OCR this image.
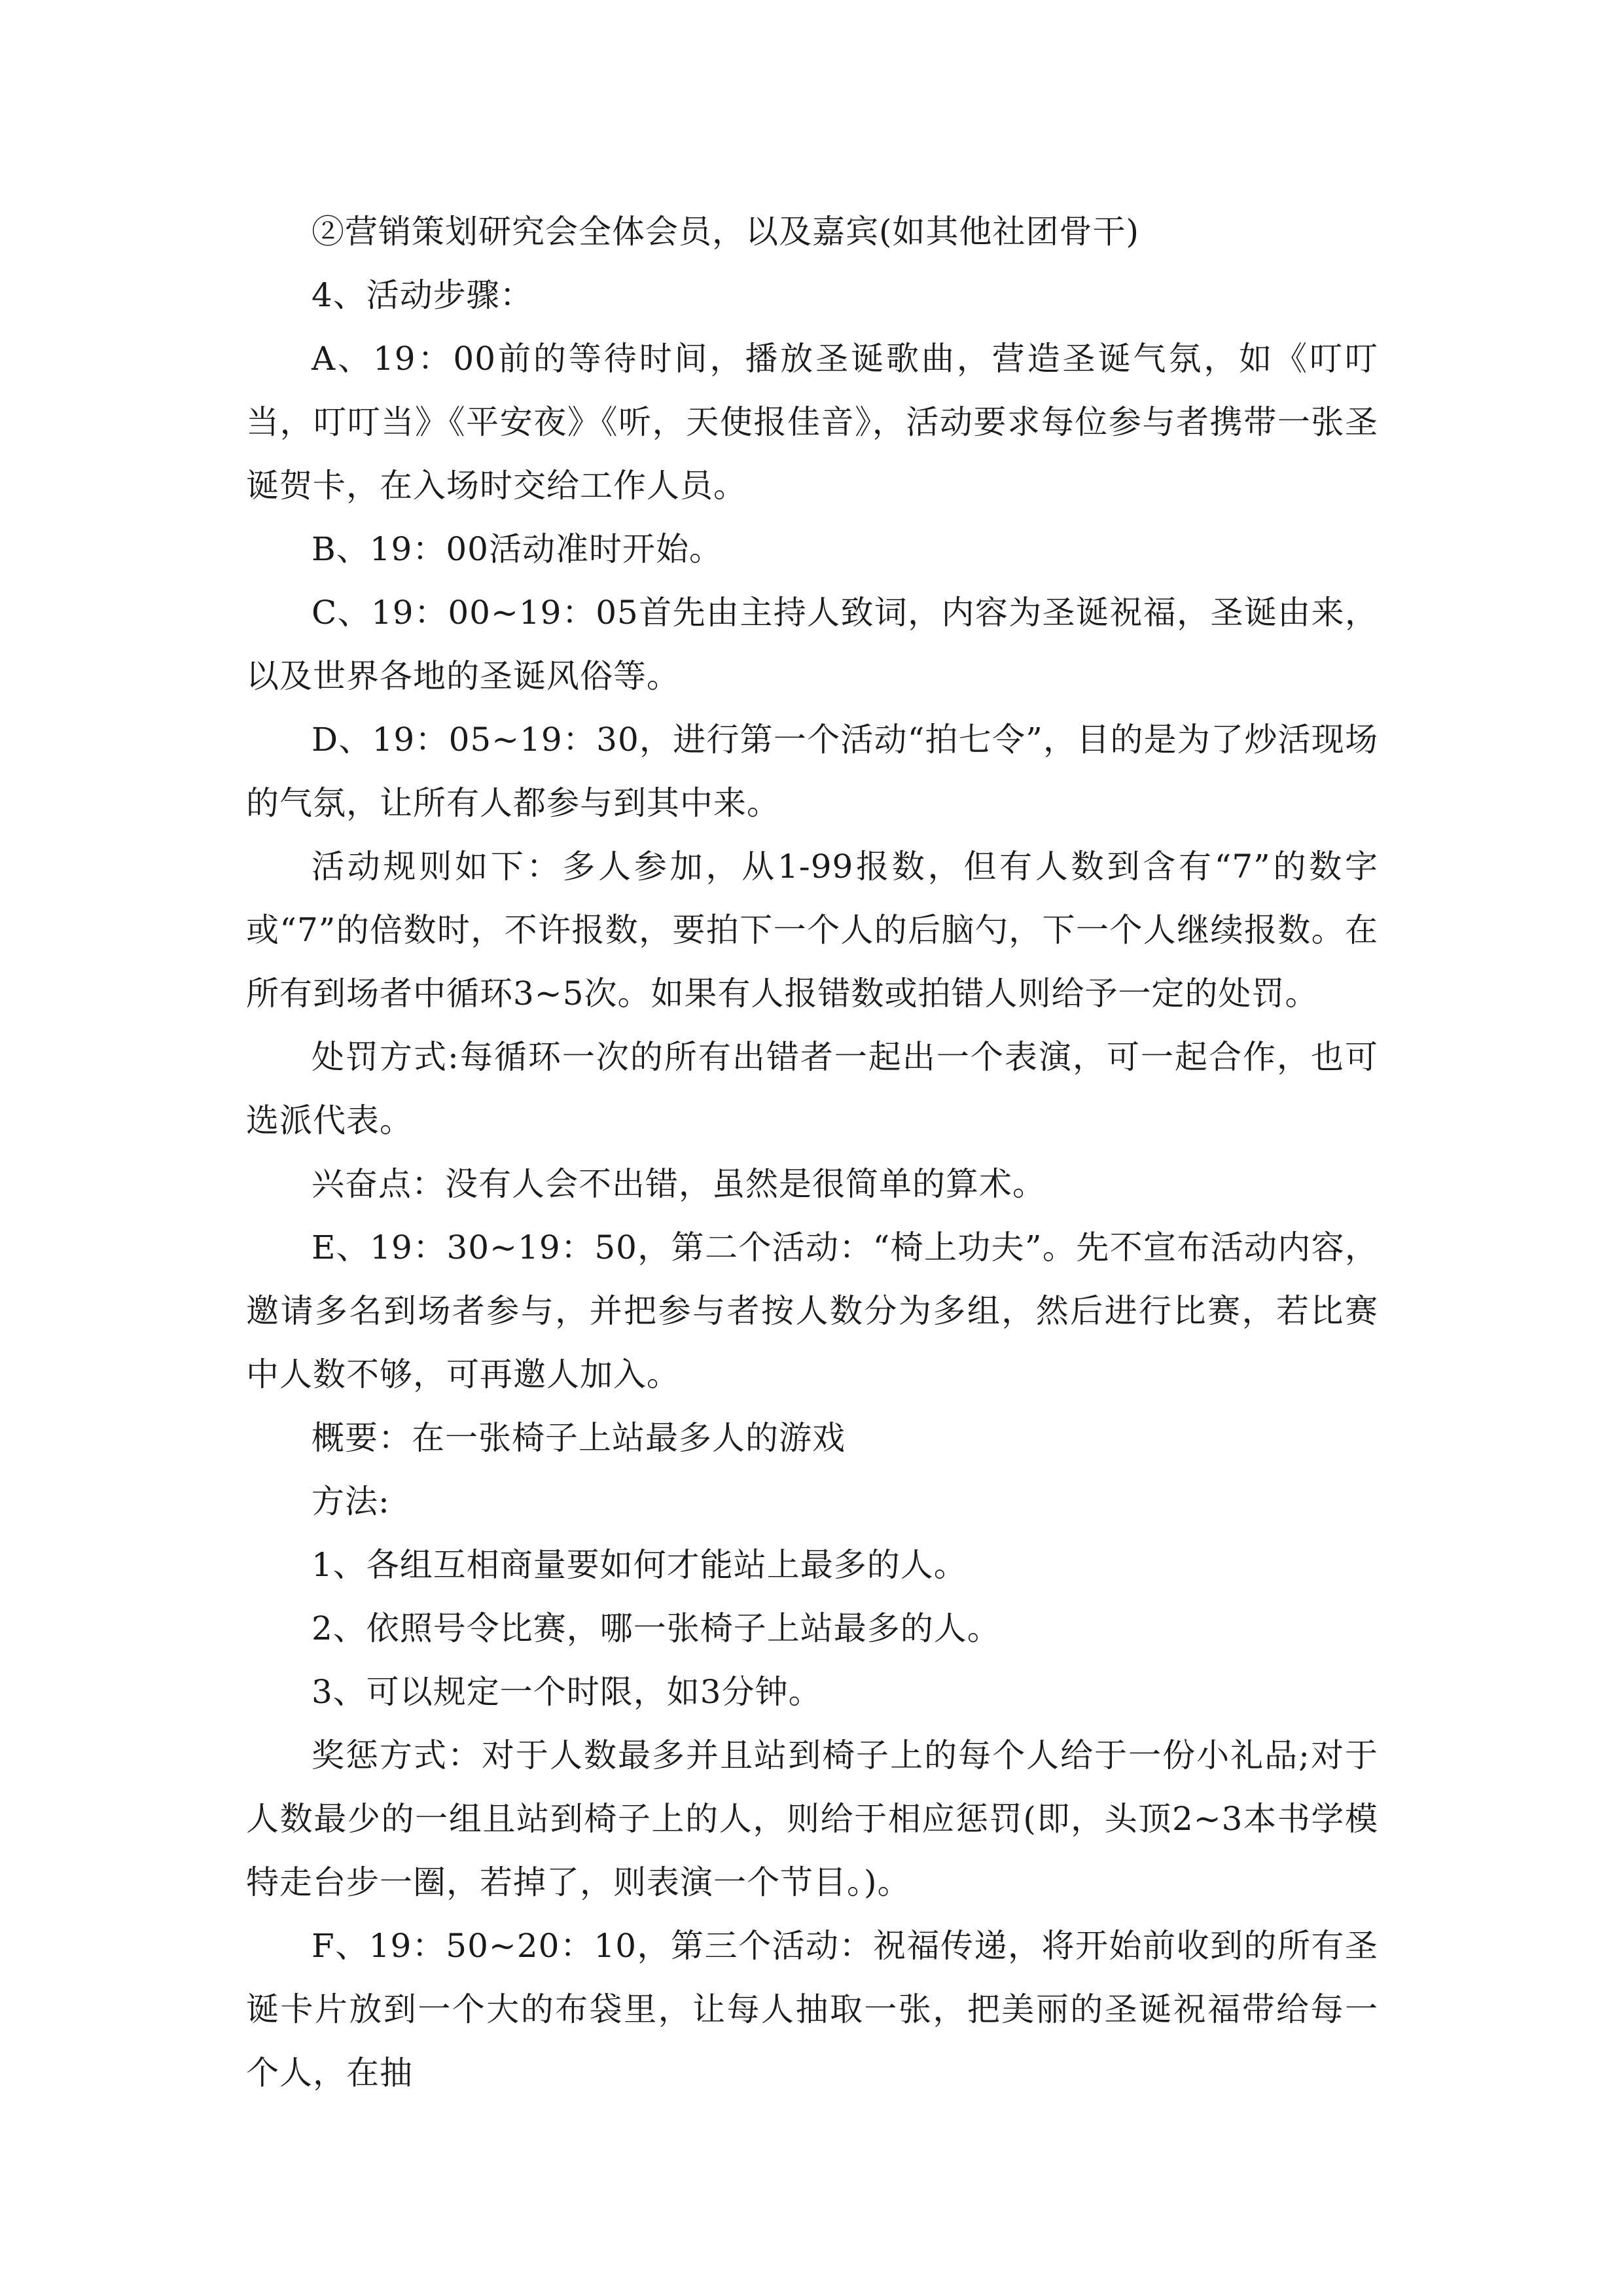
②营销策划研究会全体会员，以及嘉宾(如其他社团骨干)

4、活动步骤：

A、19：00前的等待时间，播放圣诞歌曲，营造圣诞气氛，如《叮叮当，叮叮当》《平安夜》《听，天使报佳音》，活动要求每位参与者携带一张圣诞贺卡，在入场时交给工作人员。

B、19：00活动准时开始。

C、19：00~19：05首先由主持人致词，内容为圣诞祝福，圣诞由来，以及世界各地的圣诞风俗等。

D、19：05~19：30，进行第一个活动“拍七令”，目的是为了炒活现场的气氛，让所有人都参与到其中来。

活动规则如下：多人参加，从1-99报数，但有人数到含有“7”的数字或“7”的倍数时，不许报数，要拍下一个人的后脑勺，下一个人继续报数。在所有到场者中循环3~5次。如果有人报错数或拍错人则给予一定的处罚。

处罚方式:每循环一次的所有出错者一起出一个表演，可一起合作，也可选派代表。

兴奋点：没有人会不出错，虽然是很简单的算术。

E、19：30~19：50，第二个活动：“椅上功夫”。先不宣布活动内容，邀请多名到场者参与，并把参与者按人数分为多组，然后进行比赛，若比赛中人数不够，可再邀人加入。

概要：在一张椅子上站最多人的游戏

方法:

1、各组互相商量要如何才能站上最多的人。

2、依照号令比赛，哪一张椅子上站最多的人。

3、可以规定一个时限，如3分钟。

奖惩方式：对于人数最多并且站到椅子上的每个人给于一份小礼品;对于人数最少的一组且站到椅子上的人，则给于相应惩罚(即，头顶2~3本书学模特走台步一圈，若掉了，则表演一个节目。)。

F、19：50~20：10，第三个活动：祝福传递，将开始前收到的所有圣诞卡片放到一个大的布袋里，让每人抽取一张，把美丽的圣诞祝福带给每一个人，在抽
